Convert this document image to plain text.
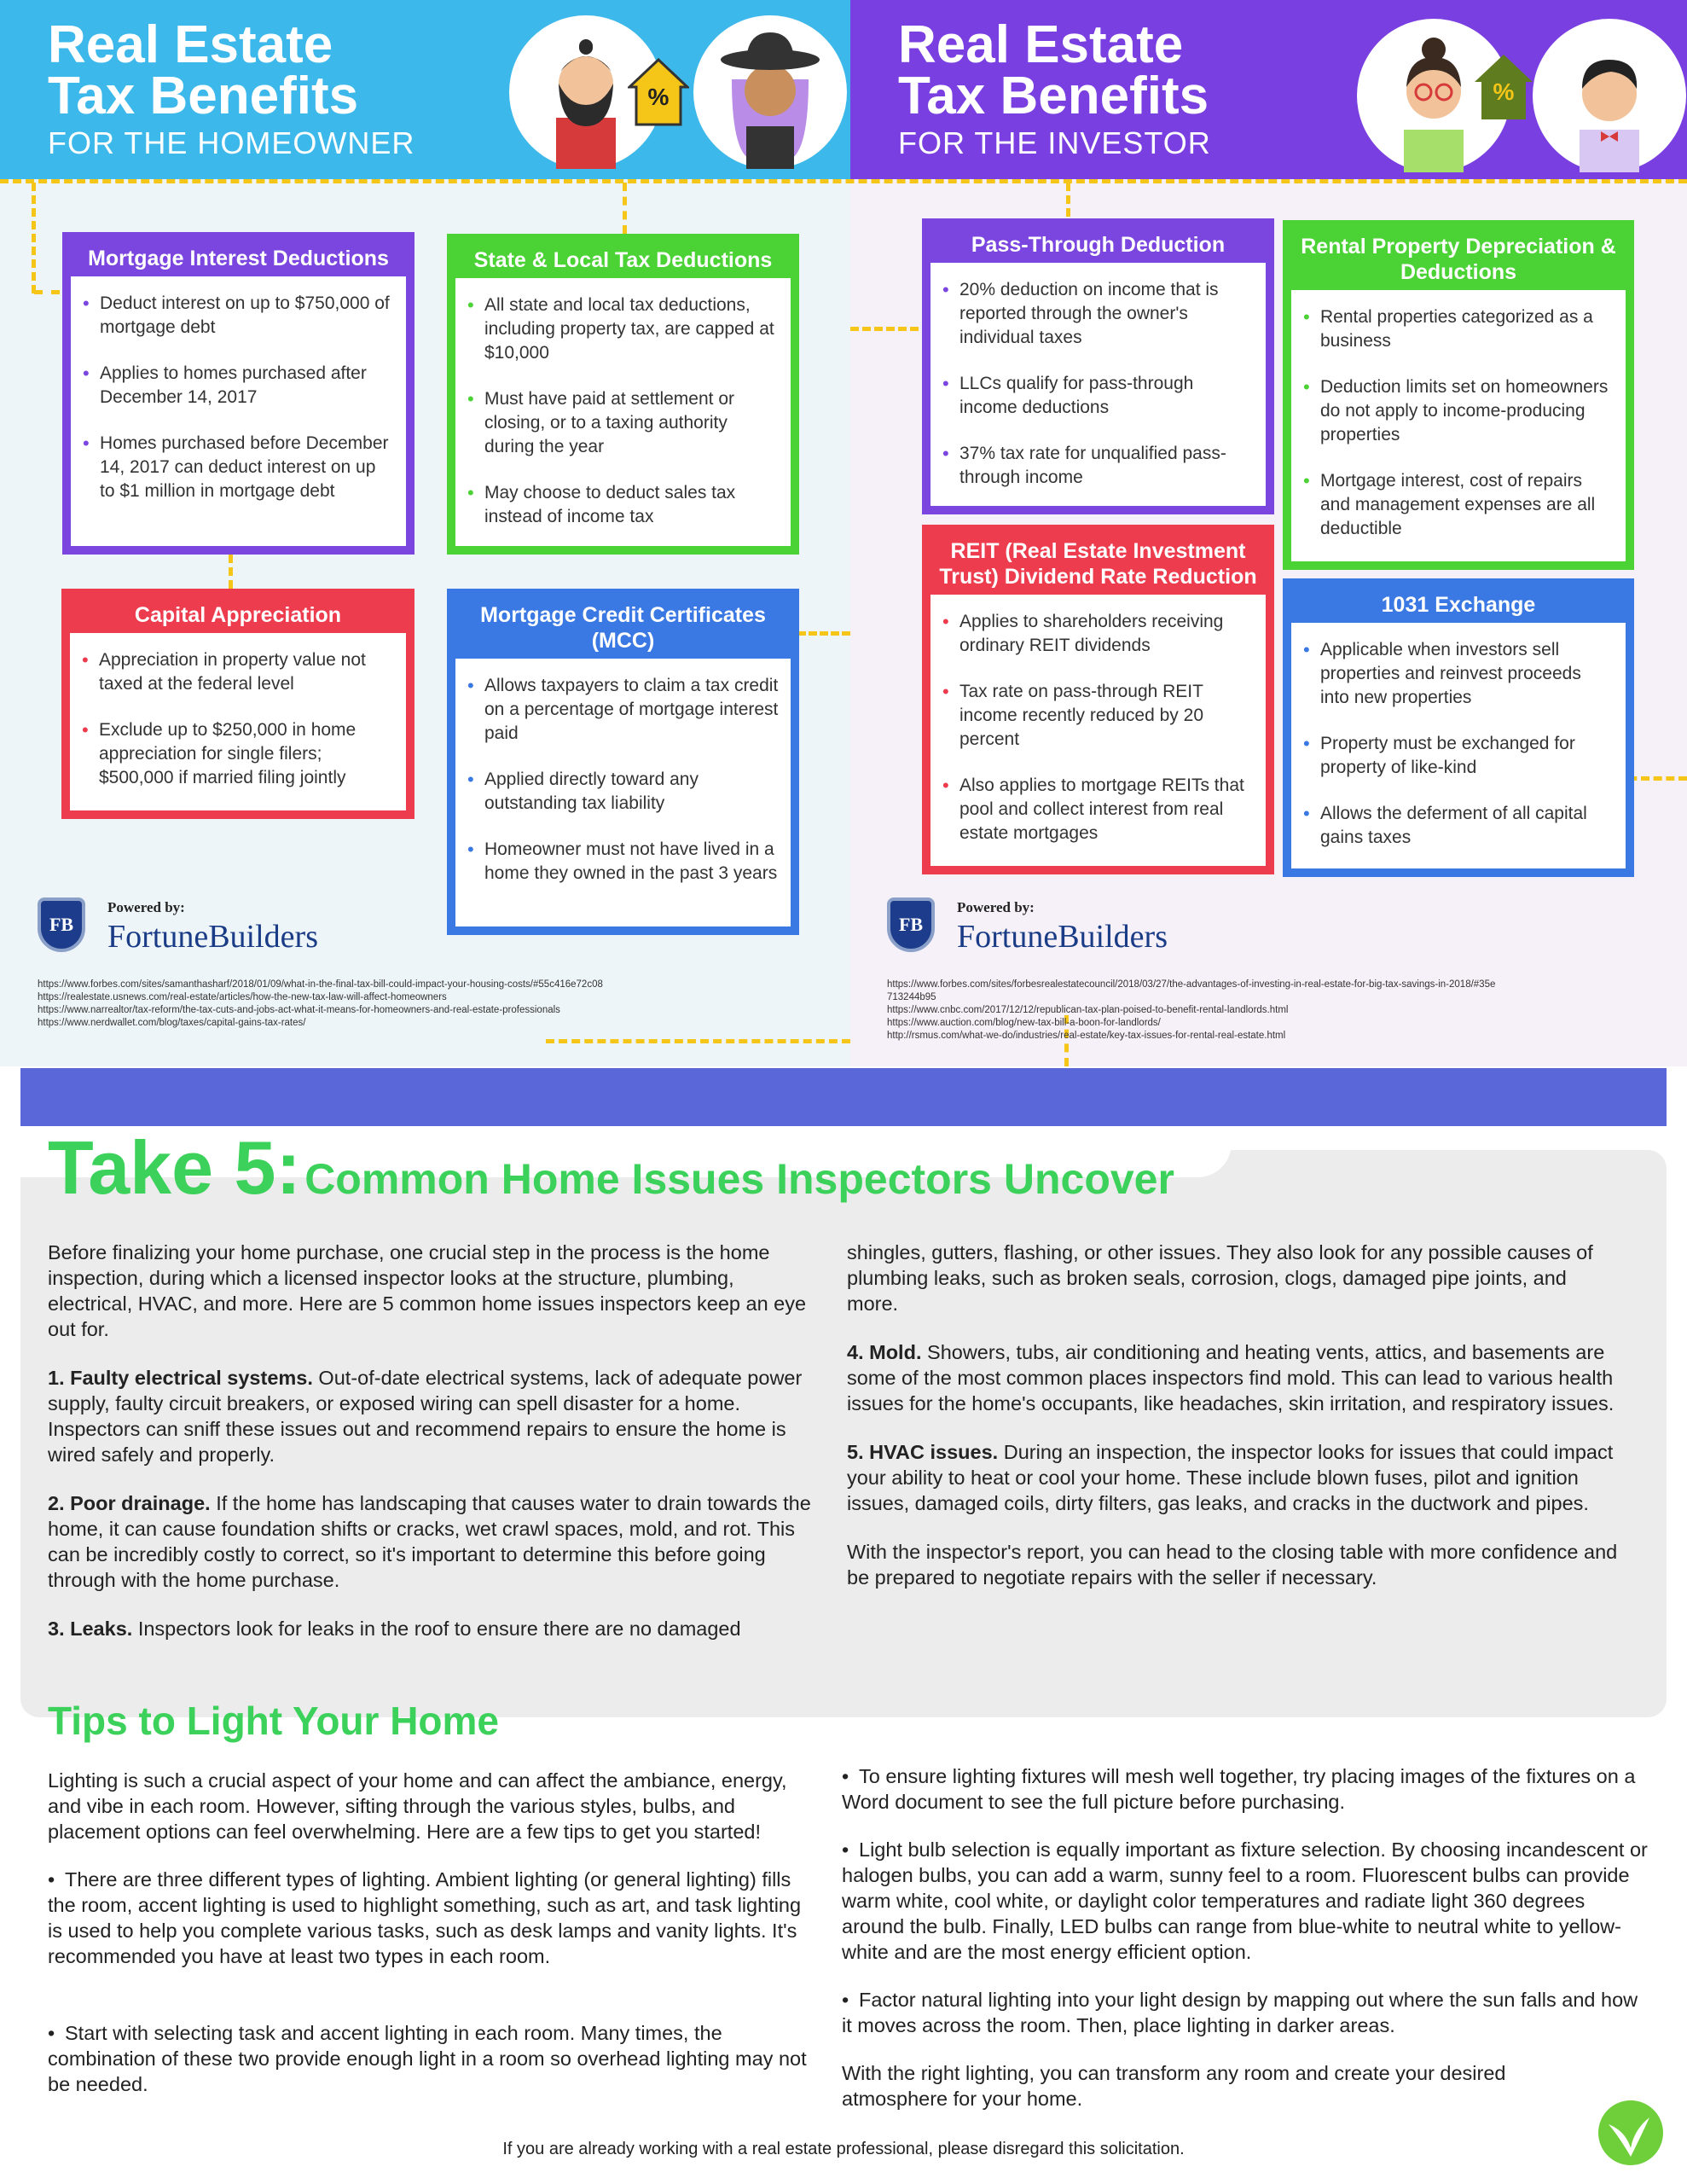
Real Estate
Tax Benefits
FOR THE HOMEOWNER
%
Real Estate
Tax Benefits
FOR THE INVESTOR
%
Mortgage Interest Deductions
• Deduct interest on up to $750,000 of mortgage debt
• Applies to homes purchased after December 14, 2017
• Homes purchased before December 14, 2017 can deduct interest on up to $1 million in mortgage debt
State & Local Tax Deductions
• All state and local tax deductions, including property tax, are capped at $10,000
• Must have paid at settlement or closing, or to a taxing authority during the year
• May choose to deduct sales tax instead of income tax
Capital Appreciation
• Appreciation in property value not taxed at the federal level
• Exclude up to $250,000 in home appreciation for single filers; $500,000 if married filing jointly
Mortgage Credit Certificates (MCC)
• Allows taxpayers to claim a tax credit on a percentage of mortgage interest paid
• Applied directly toward any outstanding tax liability
• Homeowner must not have lived in a home they owned in the past 3 years
FB
Powered by:
FortuneBuilders
https://www.forbes.com/sites/samanthasharf/2018/01/09/what-in-the-final-tax-bill-could-impact-your-housing-costs/#55c416e72c08
https://realestate.usnews.com/real-estate/articles/how-the-new-tax-law-will-affect-homeowners
https://www.narrealtor/tax-reform/the-tax-cuts-and-jobs-act-what-it-means-for-homeowners-and-real-estate-professionals
https://www.nerdwallet.com/blog/taxes/capital-gains-tax-rates/
Pass-Through Deduction
• 20% deduction on income that is reported through the owner's individual taxes
• LLCs qualify for pass-through income deductions
• 37% tax rate for unqualified pass-through income
Rental Property Depreciation & Deductions
• Rental properties categorized as a business
• Deduction limits set on homeowners do not apply to income-producing properties
• Mortgage interest, cost of repairs and management expenses are all deductible
REIT (Real Estate Investment Trust) Dividend Rate Reduction
• Applies to shareholders receiving ordinary REIT dividends
• Tax rate on pass-through REIT income recently reduced by 20 percent
• Also applies to mortgage REITs that pool and collect interest from real estate mortgages
1031 Exchange
• Applicable when investors sell properties and reinvest proceeds into new properties
• Property must be exchanged for property of like-kind
• Allows the deferment of all capital gains taxes
FB
Powered by:
FortuneBuilders
https://www.forbes.com/sites/forbesrealestatecouncil/2018/03/27/the-advantages-of-investing-in-real-estate-for-big-tax-savings-in-2018/#35e
713244b95
https://www.cnbc.com/2017/12/12/republican-tax-plan-poised-to-benefit-rental-landlords.html
https://www.auction.com/blog/new-tax-bill-a-boon-for-landlords/
http://rsmus.com/what-we-do/industries/real-estate/key-tax-issues-for-rental-real-estate.html
Take 5: Common Home Issues Inspectors Uncover

Before finalizing your home purchase, one crucial step in the process is the home inspection, during which a licensed inspector looks at the structure, plumbing, electrical, HVAC, and more. Here are 5 common home issues inspectors keep an eye out for.

1. Faulty electrical systems. Out-of-date electrical systems, lack of adequate power supply, faulty circuit breakers, or exposed wiring can spell disaster for a home. Inspectors can sniff these issues out and recommend repairs to ensure the home is wired safely and properly.

2. Poor drainage. If the home has landscaping that causes water to drain towards the home, it can cause foundation shifts or cracks, wet crawl spaces, mold, and rot. This can be incredibly costly to correct, so it's important to determine this before going through with the home purchase.

3. Leaks. Inspectors look for leaks in the roof to ensure there are no damaged

shingles, gutters, flashing, or other issues. They also look for any possible causes of plumbing leaks, such as broken seals, corrosion, clogs, damaged pipe joints, and more.

4. Mold. Showers, tubs, air conditioning and heating vents, attics, and basements are some of the most common places inspectors find mold. This can lead to various health issues for the home's occupants, like headaches, skin irritation, and respiratory issues.

5. HVAC issues. During an inspection, the inspector looks for issues that could impact your ability to heat or cool your home. These include blown fuses, pilot and ignition issues, damaged coils, dirty filters, gas leaks, and cracks in the ductwork and pipes.

With the inspector's report, you can head to the closing table with more confidence and be prepared to negotiate repairs with the seller if necessary.

Tips to Light Your Home

Lighting is such a crucial aspect of your home and can affect the ambiance, energy, and vibe in each room. However, sifting through the various styles, bulbs, and placement options can feel overwhelming. Here are a few tips to get you started!

• There are three different types of lighting. Ambient lighting (or general lighting) fills the room, accent lighting is used to highlight something, such as art, and task lighting is used to help you complete various tasks, such as desk lamps and vanity lights. It's recommended you have at least two types in each room.

• Start with selecting task and accent lighting in each room. Many times, the combination of these two provide enough light in a room so overhead lighting may not be needed.

• To ensure lighting fixtures will mesh well together, try placing images of the fixtures on a Word document to see the full picture before purchasing.

• Light bulb selection is equally important as fixture selection. By choosing incandescent or halogen bulbs, you can add a warm, sunny feel to a room. Fluorescent bulbs can provide warm white, cool white, or daylight color temperatures and radiate light 360 degrees around the bulb. Finally, LED bulbs can range from blue-white to neutral white to yellow-white and are the most energy efficient option.

• Factor natural lighting into your light design by mapping out where the sun falls and how it moves across the room. Then, place lighting in darker areas.

With the right lighting, you can transform any room and create your desired atmosphere for your home.

If you are already working with a real estate professional, please disregard this solicitation.
